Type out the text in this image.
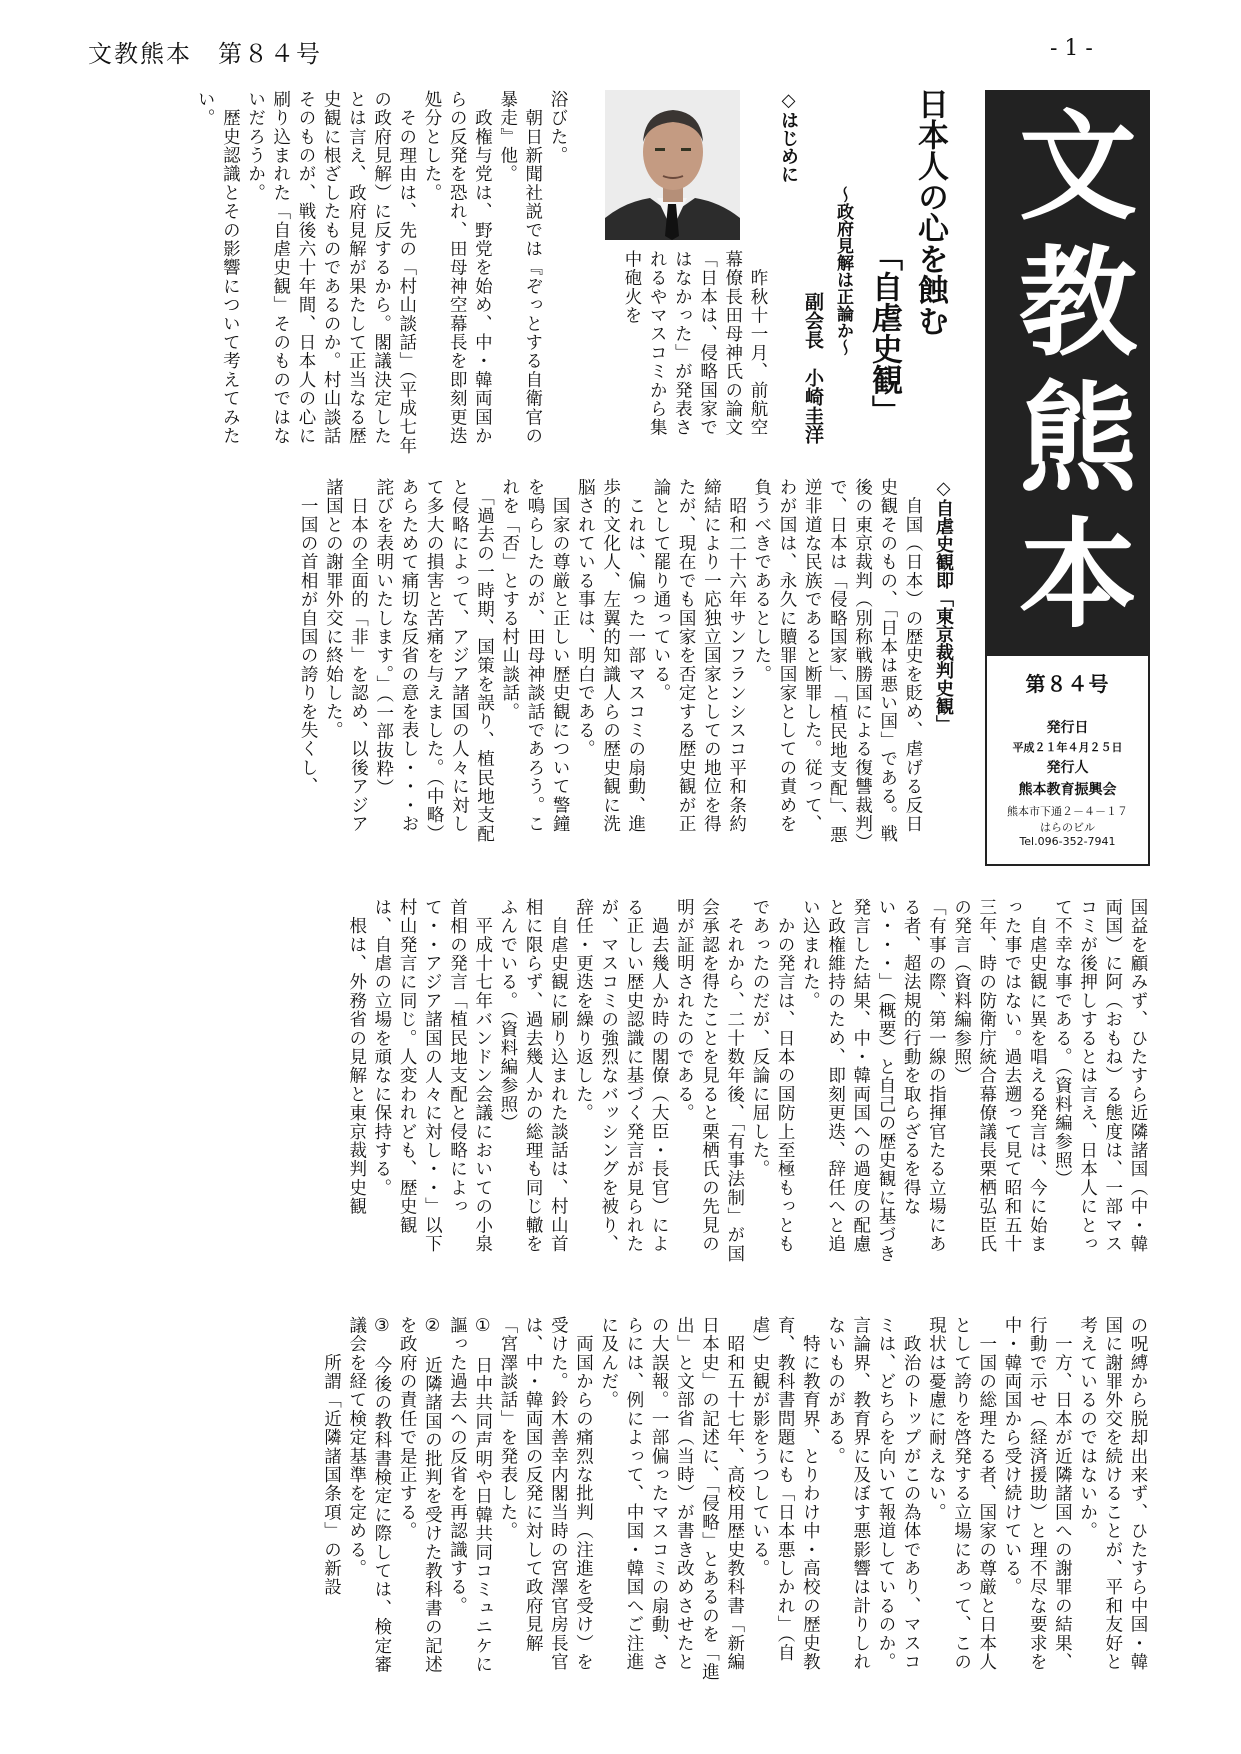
文教熊本　第８４号	- 1 -
文教熊本
第８４号
発行日
平成２１年４月２５日
発行人
熊本教育振興会
熊本市下通２－４－１７
はらのビル
Tel.096-352-7941
日本人の心を蝕む
「自虐史観」
～政府見解は正論か～
副会長　小崎圭洋
◇はじめに
　昨秋十一月、前航空幕僚長田母神氏の論文「日本は、侵略国家ではなかった」が発表されるやマスコミから集中砲火を
浴びた。
　朝日新聞社説では『ぞっとする自衛官の暴走』他。
　政権与党は、野党を始め、中・韓両国からの反発を恐れ、田母神空幕長を即刻更迭処分とした。
　その理由は、先の「村山談話」（平成七年の政府見解）に反するから。閣議決定したとは言え、政府見解が果たして正当なる歴史観に根ざしたものであるのか。村山談話そのものが、戦後六十年間、日本人の心に刷り込まれた「自虐史観」そのものではないだろうか。
　歴史認識とその影響について考えてみたい。
◇自虐史観即「東京裁判史観」
　自国（日本）の歴史を貶め、虐げる反日史観そのもの、「日本は悪い国」である。戦後の東京裁判（別称戦勝国による復讐裁判）で、日本は「侵略国家」、「植民地支配」、悪逆非道な民族であると断罪した。従って、わが国は、永久に贖罪国家としての責めを負うべきであるとした。
　昭和二十六年サンフランシスコ平和条約締結により一応独立国家としての地位を得たが、現在でも国家を否定する歴史観が正論として罷り通っている。
　これは、偏った一部マスコミの扇動、進歩的文化人、左翼的知識人らの歴史観に洗脳されている事は、明白である。
　国家の尊厳と正しい歴史観について警鐘を鳴らしたのが、田母神談話であろう。これを「否」とする村山談話。
　「過去の一時期、国策を誤り、植民地支配と侵略によって、アジア諸国の人々に対して多大の損害と苦痛を与えました。（中略）あらためて痛切な反省の意を表し・・・お詫びを表明いたします。」（一部抜粋）
　日本の全面的「非」を認め、以後アジア諸国との謝罪外交に終始した。
　一国の首相が自国の誇りを失くし、
国益を顧みず、ひたすら近隣諸国（中・韓両国）に阿（おもね）る態度は、一部マスコミが後押しするとは言え、日本人にとって不幸な事である。（資料編参照）
　自虐史観に異を唱える発言は、今に始まった事ではない。過去遡って見て昭和五十三年、時の防衛庁統合幕僚議長栗栖弘臣氏の発言（資料編参照）
「有事の際、第一線の指揮官たる立場にある者、超法規的行動を取らざるを得ない・・・」（概要）と自己の歴史観に基づき発言した結果、中・韓両国への過度の配慮と政権維持のため、即刻更迭、辞任へと追い込まれた。
　かの発言は、日本の国防上至極もっともであったのだが、反論に屈した。
　それから、二十数年後、「有事法制」が国会承認を得たことを見ると栗栖氏の先見の明が証明されたのである。
　過去幾人か時の閣僚（大臣・長官）による正しい歴史認識に基づく発言が見られたが、マスコミの強烈なバッシングを被り、辞任・更迭を繰り返した。
　自虐史観に刷り込まれた談話は、村山首相に限らず、過去幾人かの総理も同じ轍をふんでいる。（資料編参照）
　平成十七年バンドン会議においての小泉首相の発言「植民地支配と侵略によって・・アジア諸国の人々に対し・・」以下村山発言に同じ。人変われども、歴史観は、自虐の立場を頑なに保持する。
　根は、外務省の見解と東京裁判史観
の呪縛から脱却出来ず、ひたすら中国・韓国に謝罪外交を続けることが、平和友好と考えているのではないか。
　一方、日本が近隣諸国への謝罪の結果、行動で示せ（経済援助）と理不尽な要求を中・韓両国から受け続けている。
　一国の総理たる者、国家の尊厳と日本人として誇りを啓発する立場にあって、この現状は憂慮に耐えない。
　政治のトップがこの為体であり、マスコミは、どちらを向いて報道しているのか。言論界、教育界に及ぼす悪影響は計りしれないものがある。
　特に教育界、とりわけ中・高校の歴史教育、教科書問題にも「日本悪しかれ」（自虐）史観が影をうつしている。
　昭和五十七年、高校用歴史教科書「新編日本史」の記述に、「侵略」とあるのを「進出」と文部省（当時）が書き改めさせたとの大誤報。一部偏ったマスコミの扇動、さらには、例によって、中国・韓国へご注進に及んだ。
　両国からの痛烈な批判（注進を受け）を受けた。鈴木善幸内閣当時の宮澤官房長官は、中・韓両国の反発に対して政府見解「宮澤談話」を発表した。
①　日中共同声明や日韓共同コミュニケに謳った過去への反省を再認識する。
②　近隣諸国の批判を受けた教科書の記述を政府の責任で是正する。
③　今後の教科書検定に際しては、検定審議会を経て検定基準を定める。
　　所謂「近隣諸国条項」の新設
